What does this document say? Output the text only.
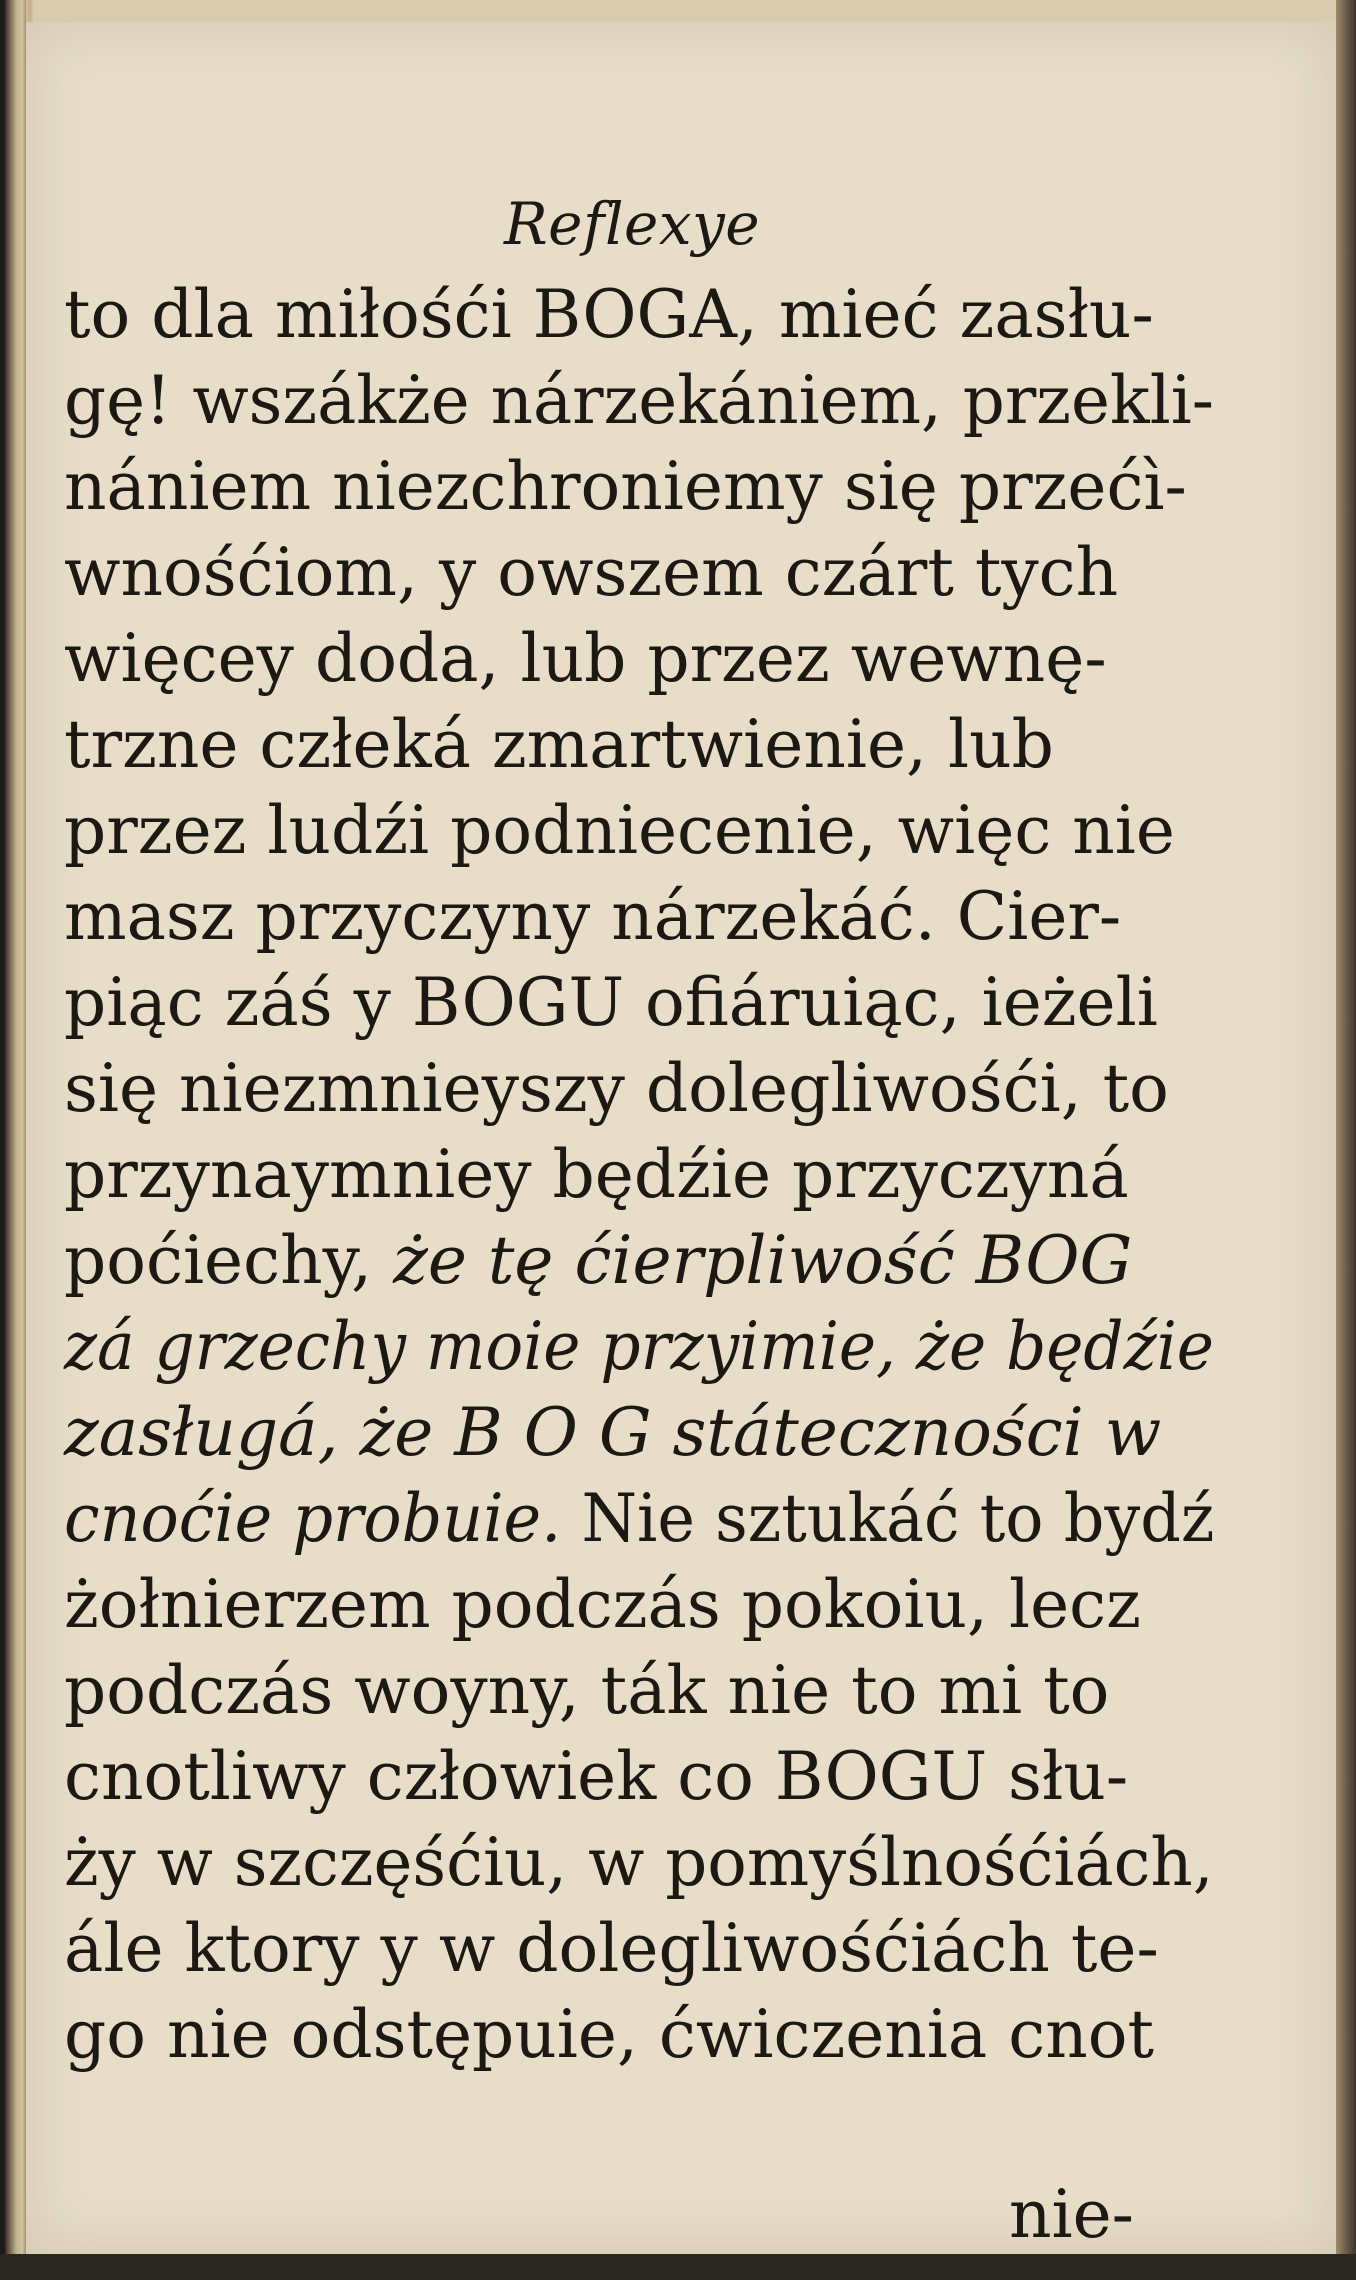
Reflexye
to dla miłośći BOGA, mieć zasłu-
gę! wszákże nárzekániem, przekli-
nániem niezchroniemy się przećì-
wnośćiom, y owszem czárt tych
więcey doda, lub przez wewnę-
trzne człeká zmartwienie, lub
przez ludźi podniecenie, więc nie
masz przyczyny nárzekáć. Cier-
piąc záś y BOGU ofiáruiąc, ieżeli
się niezmnieyszy dolegliwośći, to
przynaymniey będźie przyczyná
poćiechy, że tę ćierpliwość BOG
zá grzechy moie przyimie, że będźie
zasługá, że B O G státeczności w
cnoćie probuie. Nie sztukáć to bydź
żołnierzem podczás pokoiu, lecz
podczás woyny, ták nie to mi to
cnotliwy człowiek co BOGU słu-
ży w szczęśćiu, w pomyślnośćiách,
ále ktory y w dolegliwośćiách te-
go nie odstępuie, ćwiczenia cnot
nie-
